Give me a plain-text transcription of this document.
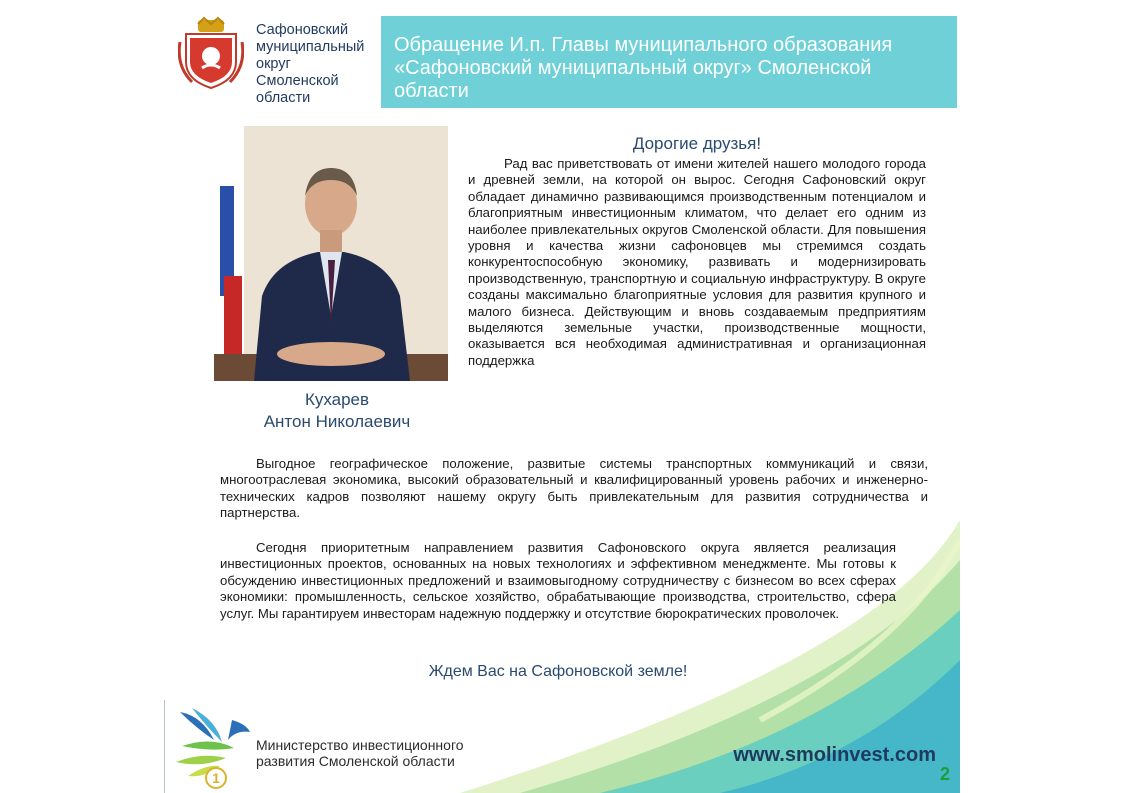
Сафоновский муниципальный округ Смоленской области
Обращение И.п. Главы муниципального образования «Сафоновский муниципальный округ» Смоленской области
Кухарев
Антон Николаевич
Дорогие друзья!
Рад вас приветствовать от имени жителей нашего молодого города и древней земли, на которой он вырос. Сегодня Сафоновский округ обладает динамично развивающимся производственным потенциалом и благоприятным инвестиционным климатом, что делает его одним из наиболее привлекательных округов Смоленской области. Для повышения уровня и качества жизни сафоновцев мы стремимся создать конкурентоспособную экономику, развивать и модернизировать производственную, транспортную и социальную инфраструктуру. В округе созданы максимально благоприятные условия для развития крупного и малого бизнеса. Действующим и вновь создаваемым предприятиям выделяются земельные участки, производственные мощности, оказывается вся необходимая административная и организационная поддержка
Выгодное географическое положение, развитые системы транспортных коммуникаций и связи, многоотраслевая экономика, высокий образовательный и квалифицированный уровень рабочих и инженерно-технических кадров позволяют нашему округу быть привлекательным для развития сотрудничества и партнерства.
Сегодня приоритетным направлением развития Сафоновского округа является реализация инвестиционных проектов, основанных на новых технологиях и эффективном менеджменте. Мы готовы к обсуждению инвестиционных предложений и взаимовыгодному сотрудничеству с бизнесом во всех сферах экономики: промышленность, сельское хозяйство, обрабатывающие производства, строительство, сфера услуг. Мы гарантируем инвесторам надежную поддержку и отсутствие бюрократических проволочек.
Ждем Вас на Сафоновской земле!
1
Министерство инвестиционного развития Смоленской области	www.smolinvest.com
2
